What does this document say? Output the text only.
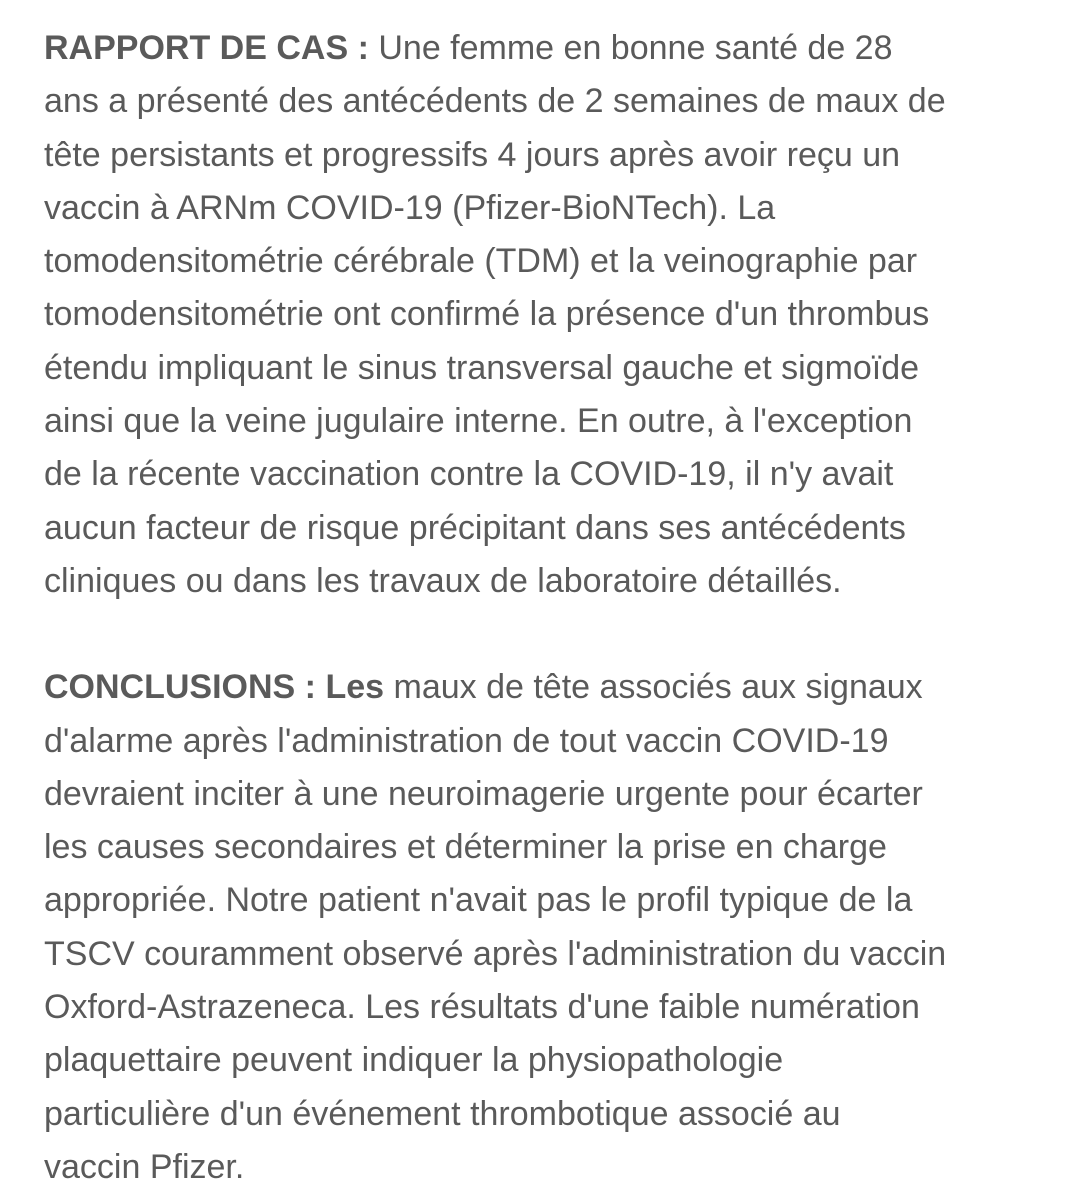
RAPPORT DE CAS : Une femme en bonne santé de 28
ans a présenté des antécédents de 2 semaines de maux de
tête persistants et progressifs 4 jours après avoir reçu un
vaccin à ARNm COVID-19 (Pfizer-BioNTech). La
tomodensitométrie cérébrale (TDM) et la veinographie par
tomodensitométrie ont confirmé la présence d'un thrombus
étendu impliquant le sinus transversal gauche et sigmoïde
ainsi que la veine jugulaire interne. En outre, à l'exception
de la récente vaccination contre la COVID-19, il n'y avait
aucun facteur de risque précipitant dans ses antécédents
cliniques ou dans les travaux de laboratoire détaillés.

CONCLUSIONS : Les maux de tête associés aux signaux
d'alarme après l'administration de tout vaccin COVID-19
devraient inciter à une neuroimagerie urgente pour écarter
les causes secondaires et déterminer la prise en charge
appropriée. Notre patient n'avait pas le profil typique de la
TSCV couramment observé après l'administration du vaccin
Oxford-Astrazeneca. Les résultats d'une faible numération
plaquettaire peuvent indiquer la physiopathologie
particulière d'un événement thrombotique associé au
vaccin Pfizer.
